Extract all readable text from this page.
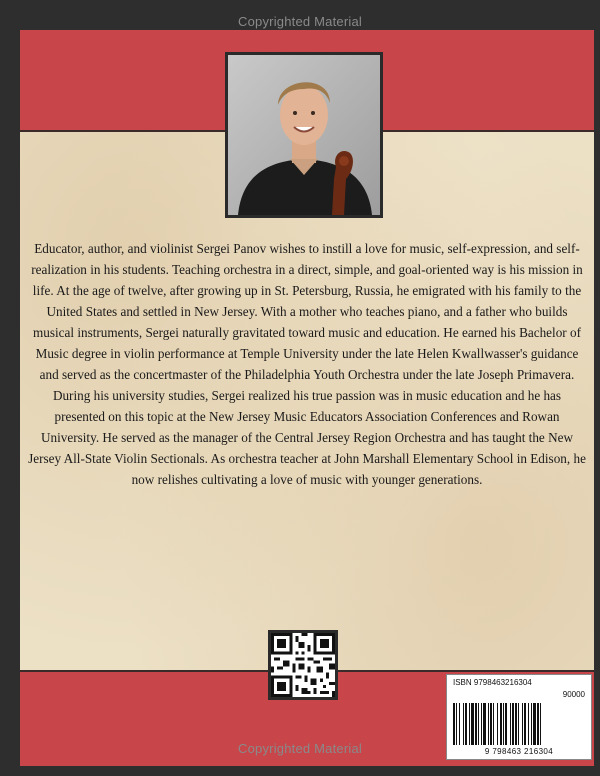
Copyrighted Material
Educator, author, and violinist Sergei Panov wishes to instill a love for music, self-expression, and self-realization in his students. Teaching orchestra in a direct, simple, and goal-oriented way is his mission in life. At the age of twelve, after growing up in St. Petersburg, Russia, he emigrated with his family to the United States and settled in New Jersey. With a mother who teaches piano, and a father who builds musical instruments, Sergei naturally gravitated toward music and education. He earned his Bachelor of Music degree in violin performance at Temple University under the late Helen Kwallwasser's guidance and served as the concertmaster of the Philadelphia Youth Orchestra under the late Joseph Primavera. During his university studies, Sergei realized his true passion was in music education and he has presented on this topic at the New Jersey Music Educators Association Conferences and Rowan University. He served as the manager of the Central Jersey Region Orchestra and has taught the New Jersey All-State Violin Sectionals. As orchestra teacher at John Marshall Elementary School in Edison, he now relishes cultivating a love of music with younger generations.
ISBN 9798463216304
90000
9 798463 216304
Copyrighted Material
